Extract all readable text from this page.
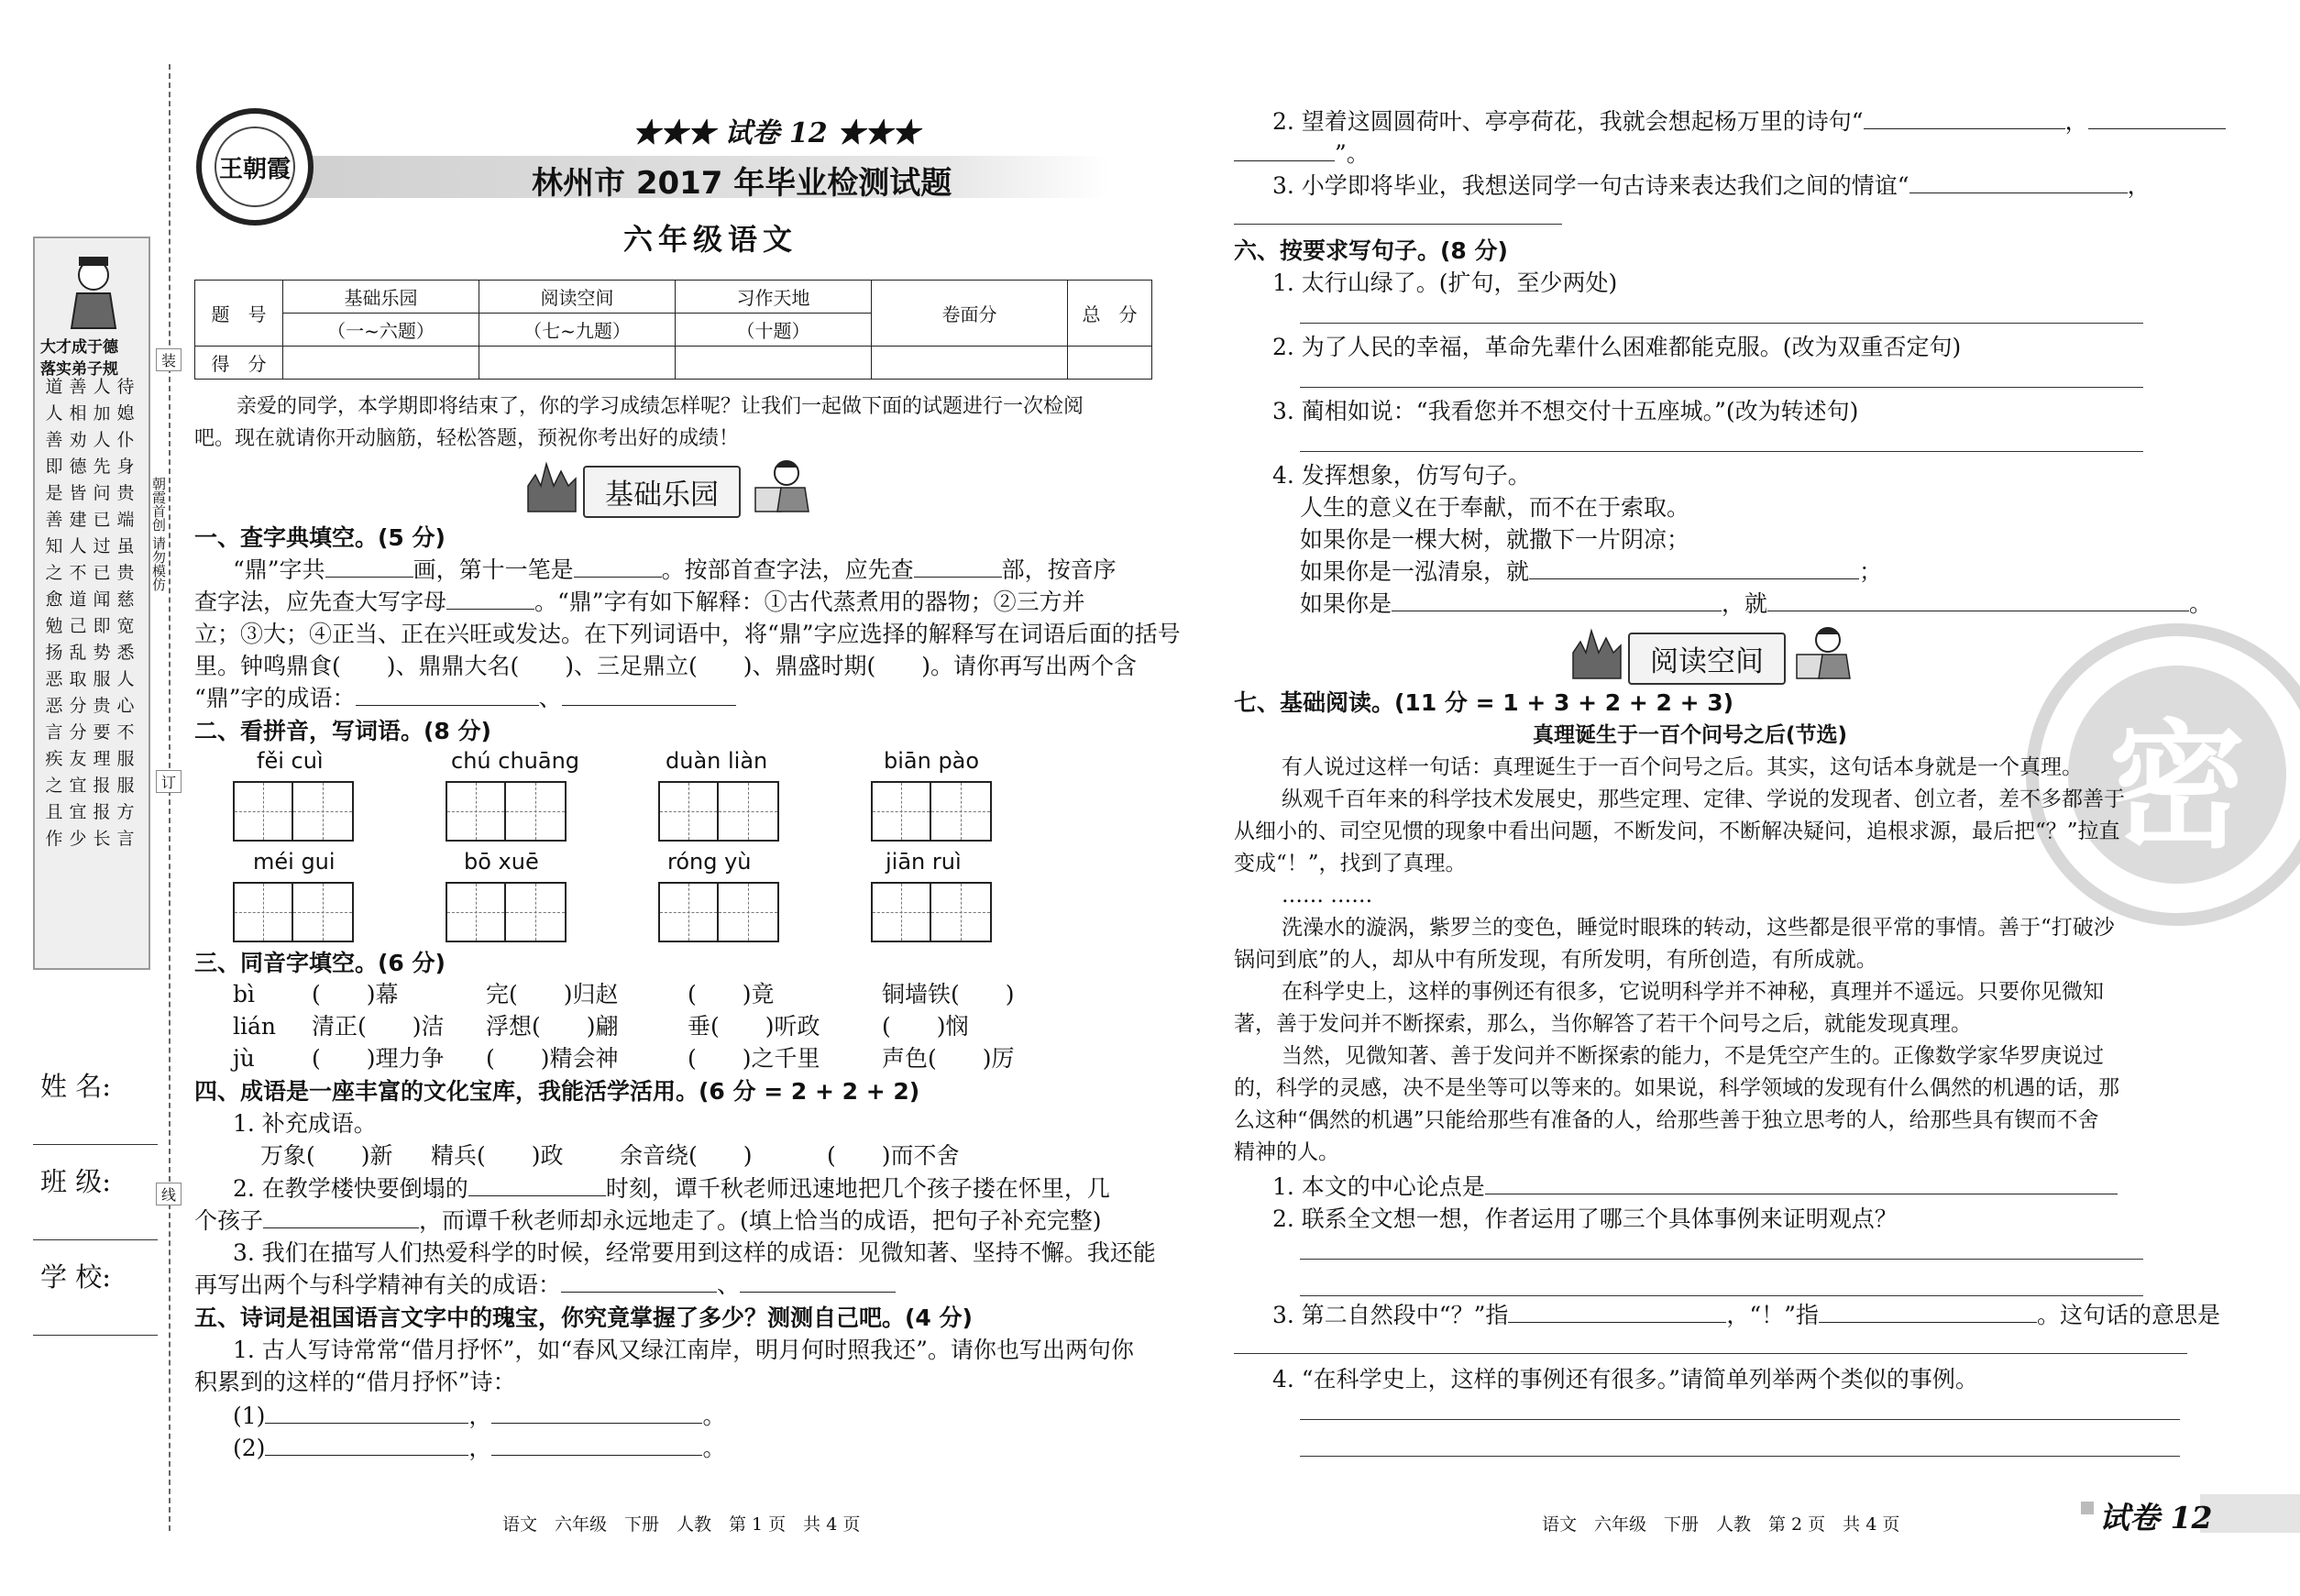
装
订
线
朝霞首创 请勿模仿
大才成于德
落实弟子规
道 善 人 待
人 相 加 媳
善 劝 人 仆
即 德 先 身
是 皆 问 贵
善 建 已 端
知 人 过 虽
之 不 已 贵
愈 道 闻 慈
勉 己 即 宽
扬 乱 势 悉
恶 取 服 人
恶 分 贵 心
言 分 要 不
疾 友 理 服
之 宜 报 服
且 宜 报 方
作 少 长 言
姓 名:
班 级:
学 校:
王朝霞
★★★ 试卷 12 ★★★
林州市 2017 年毕业检测试题
六年级语文
题　号	基础乐园	阅读空间	习作天地	卷面分	总　分
	（一~六题）	（七~九题）	（十题）		
得　分					
亲爱的同学，本学期即将结束了，你的学习成绩怎样呢？让我们一起做下面的试题进行一次检阅
吧。现在就请你开动脑筋，轻松答题，预祝你考出好的成绩！
基础乐园
一、查字典填空。(5 分)
“鼎”字共	画，第十一笔是	。按部首查字法，应先查	部，按音序
查字法，应先查大写字母	。“鼎”字有如下解释：①古代蒸煮用的器物；②三方并
立；③大；④正当、正在兴旺或发达。在下列词语中，将“鼎”字应选择的解释写在词语后面的括号
里。钟鸣鼎食(　　)、鼎鼎大名(　　)、三足鼎立(　　)、鼎盛时期(　　)。请你再写出两个含
“鼎”字的成语：	、
二、看拼音，写词语。(8 分)
fěi cuì	chú chuāng	duàn liàn	biān pào
méi gui	bō xuē	róng yù	jiān ruì
三、同音字填空。(6 分)
bì (　　)幕	完(　　)归赵	(　　)竟	铜墙铁(　　)
lián 清正(　　)洁 浮想(　　)翩	垂(　　)听政	(　　)悯
jù (　　)理力争 (　　)精会神	(　　)之千里	声色(　　)厉
四、成语是一座丰富的文化宝库，我能活学活用。(6 分 = 2 + 2 + 2)
1. 补充成语。
万象(　　)新 精兵(　　)政 余音绕(　　)	(　　)而不舍
2. 在教学楼快要倒塌的	时刻，谭千秋老师迅速地把几个孩子搂在怀里，几
个孩子	，而谭千秋老师却永远地走了。(填上恰当的成语，把句子补充完整)
3. 我们在描写人们热爱科学的时候，经常要用到这样的成语：见微知著、坚持不懈。我还能
再写出两个与科学精神有关的成语：	、
五、诗词是祖国语言文字中的瑰宝，你究竟掌握了多少？测测自己吧。(4 分)
1. 古人写诗常常“借月抒怀”，如“春风又绿江南岸，明月何时照我还”。请你也写出两句你
积累到的这样的“借月抒怀”诗：
(1)	，	。
(2)	，	。
语文　六年级　下册　人教　第 1 页　共 4 页
密
2. 望着这圆圆荷叶、亭亭荷花，我就会想起杨万里的诗句“	，
”。
3. 小学即将毕业，我想送同学一句古诗来表达我们之间的情谊“	，
六、按要求写句子。(8 分)
1. 太行山绿了。(扩句，至少两处)
2. 为了人民的幸福，革命先辈什么困难都能克服。(改为双重否定句)
3. 蔺相如说：“我看您并不想交付十五座城。”(改为转述句)
4. 发挥想象，仿写句子。
人生的意义在于奉献，而不在于索取。
如果你是一棵大树，就撒下一片阴凉；
如果你是一泓清泉，就	；
如果你是	，就	。
阅读空间
七、基础阅读。(11 分 = 1 + 3 + 2 + 2 + 3)
真理诞生于一百个问号之后(节选)
有人说过这样一句话：真理诞生于一百个问号之后。其实，这句话本身就是一个真理。
纵观千百年来的科学技术发展史，那些定理、定律、学说的发现者、创立者，差不多都善于
从细小的、司空见惯的现象中看出问题，不断发问，不断解决疑问，追根求源，最后把“？”拉直
变成“！”，找到了真理。
…… ……
洗澡水的漩涡，紫罗兰的变色，睡觉时眼珠的转动，这些都是很平常的事情。善于“打破沙
锅问到底”的人，却从中有所发现，有所发明，有所创造，有所成就。
在科学史上，这样的事例还有很多，它说明科学并不神秘，真理并不遥远。只要你见微知
著，善于发问并不断探索，那么，当你解答了若干个问号之后，就能发现真理。
当然，见微知著、善于发问并不断探索的能力，不是凭空产生的。正像数学家华罗庚说过
的，科学的灵感，决不是坐等可以等来的。如果说，科学领域的发现有什么偶然的机遇的话，那
么这种“偶然的机遇”只能给那些有准备的人，给那些善于独立思考的人，给那些具有锲而不舍
精神的人。
1. 本文的中心论点是
2. 联系全文想一想，作者运用了哪三个具体事例来证明观点？
3. 第二自然段中“？”指	，“！”指	。这句话的意思是
4. “在科学史上，这样的事例还有很多。”请简单列举两个类似的事例。
语文　六年级　下册　人教　第 2 页　共 4 页	试卷 12
